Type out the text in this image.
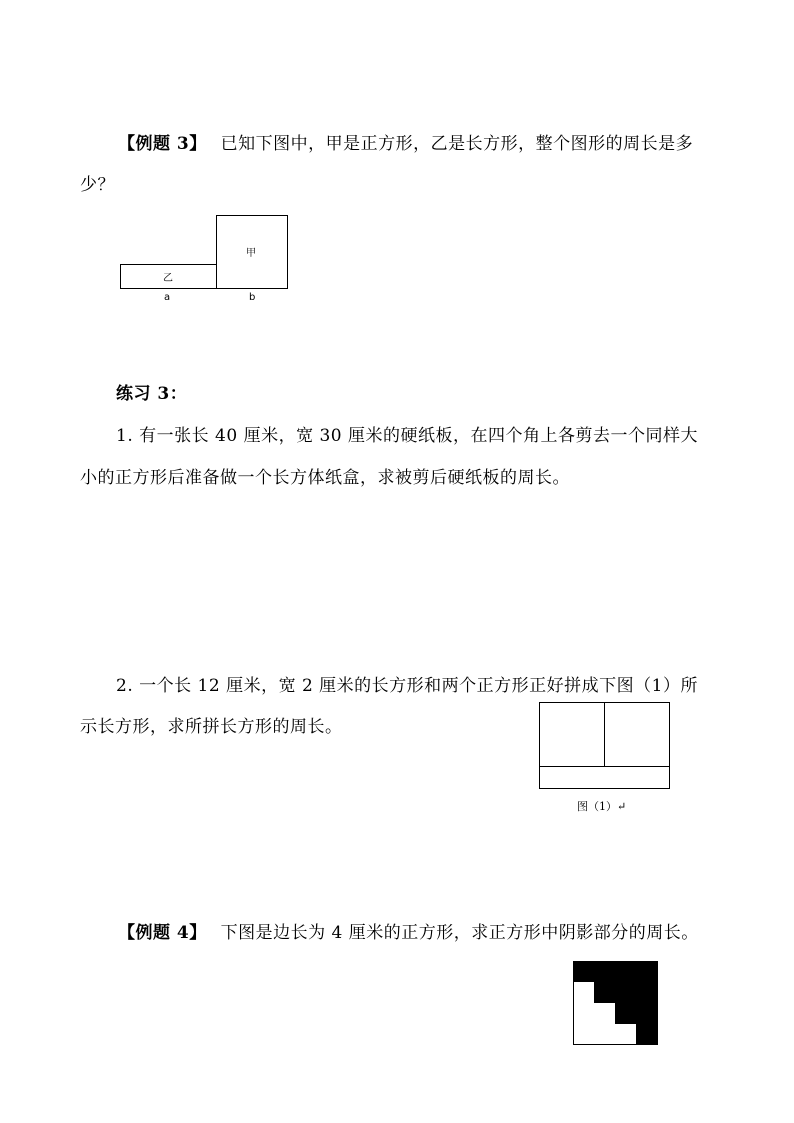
【例题 3】 已知下图中，甲是正方形，乙是长方形，整个图形的周长是多
少？
甲
乙
a	b
练习 3：
1. 有一张长 40 厘米，宽 30 厘米的硬纸板，在四个角上各剪去一个同样大
小的正方形后准备做一个长方体纸盒，求被剪后硬纸板的周长。
2. 一个长 12 厘米，宽 2 厘米的长方形和两个正方形正好拼成下图（1）所
示长方形，求所拼长方形的周长。
图（1）↵
【例题 4】 下图是边长为 4 厘米的正方形，求正方形中阴影部分的周长。
